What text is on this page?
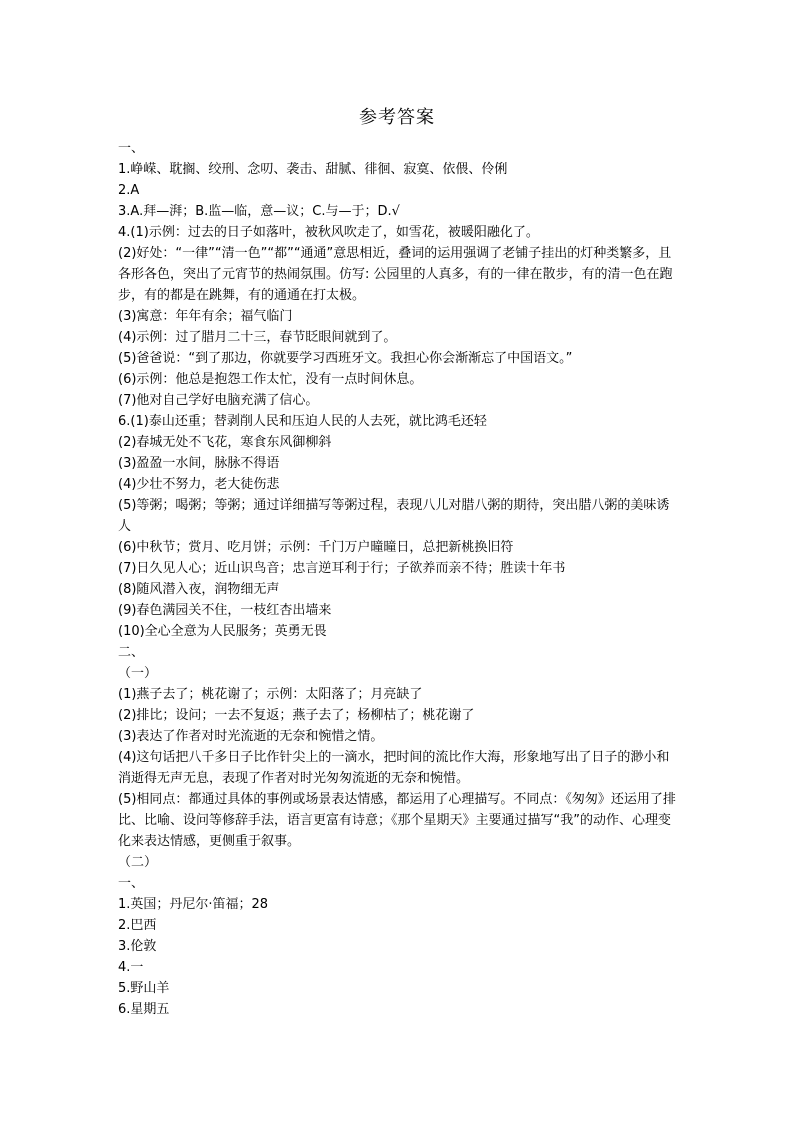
参考答案
一、
1.峥嵘、耽搁、绞刑、念叨、袭击、甜腻、徘徊、寂寞、依偎、伶俐
2.A
3.A.拜—湃；B.监—临，意—议；C.与—于；D.√
4.(1)示例：过去的日子如落叶，被秋风吹走了，如雪花，被暖阳融化了。
(2)好处：“一律”“清一色”“都”“通通”意思相近，叠词的运用强调了老铺子挂出的灯种类繁多，且各形各色，突出了元宵节的热闹氛围。仿写: 公园里的人真多，有的一律在散步，有的清一色在跑步，有的都是在跳舞，有的通通在打太极。
(3)寓意：年年有余；福气临门
(4)示例：过了腊月二十三，春节眨眼间就到了。
(5)爸爸说：“到了那边，你就要学习西班牙文。我担心你会渐渐忘了中国语文。”
(6)示例：他总是抱怨工作太忙，没有一点时间休息。
(7)他对自己学好电脑充满了信心。
6.(1)泰山还重；替剥削人民和压迫人民的人去死，就比鸿毛还轻
(2)春城无处不飞花，寒食东风御柳斜
(3)盈盈一水间，脉脉不得语
(4)少壮不努力，老大徒伤悲
(5)等粥；喝粥；等粥；通过详细描写等粥过程，表现八儿对腊八粥的期待，突出腊八粥的美味诱人
(6)中秋节；赏月、吃月饼；示例：千门万户曈曈日，总把新桃换旧符
(7)日久见人心；近山识鸟音；忠言逆耳利于行；子欲养而亲不待；胜读十年书
(8)随风潜入夜，润物细无声
(9)春色满园关不住，一枝红杏出墙来
(10)全心全意为人民服务；英勇无畏
二、
（一）
(1)燕子去了；桃花谢了；示例：太阳落了；月亮缺了
(2)排比；设问；一去不复返；燕子去了；杨柳枯了；桃花谢了
(3)表达了作者对时光流逝的无奈和惋惜之情。
(4)这句话把八千多日子比作针尖上的一滴水，把时间的流比作大海，形象地写出了日子的渺小和消逝得无声无息，表现了作者对时光匆匆流逝的无奈和惋惜。
(5)相同点：都通过具体的事例或场景表达情感，都运用了心理描写。不同点：《匆匆》还运用了排比、比喻、设问等修辞手法，语言更富有诗意；《那个星期天》主要通过描写“我”的动作、心理变化来表达情感，更侧重于叙事。
（二）
一、
1.英国；丹尼尔·笛福；28
2.巴西
3.伦敦
4.一
5.野山羊
6.星期五
